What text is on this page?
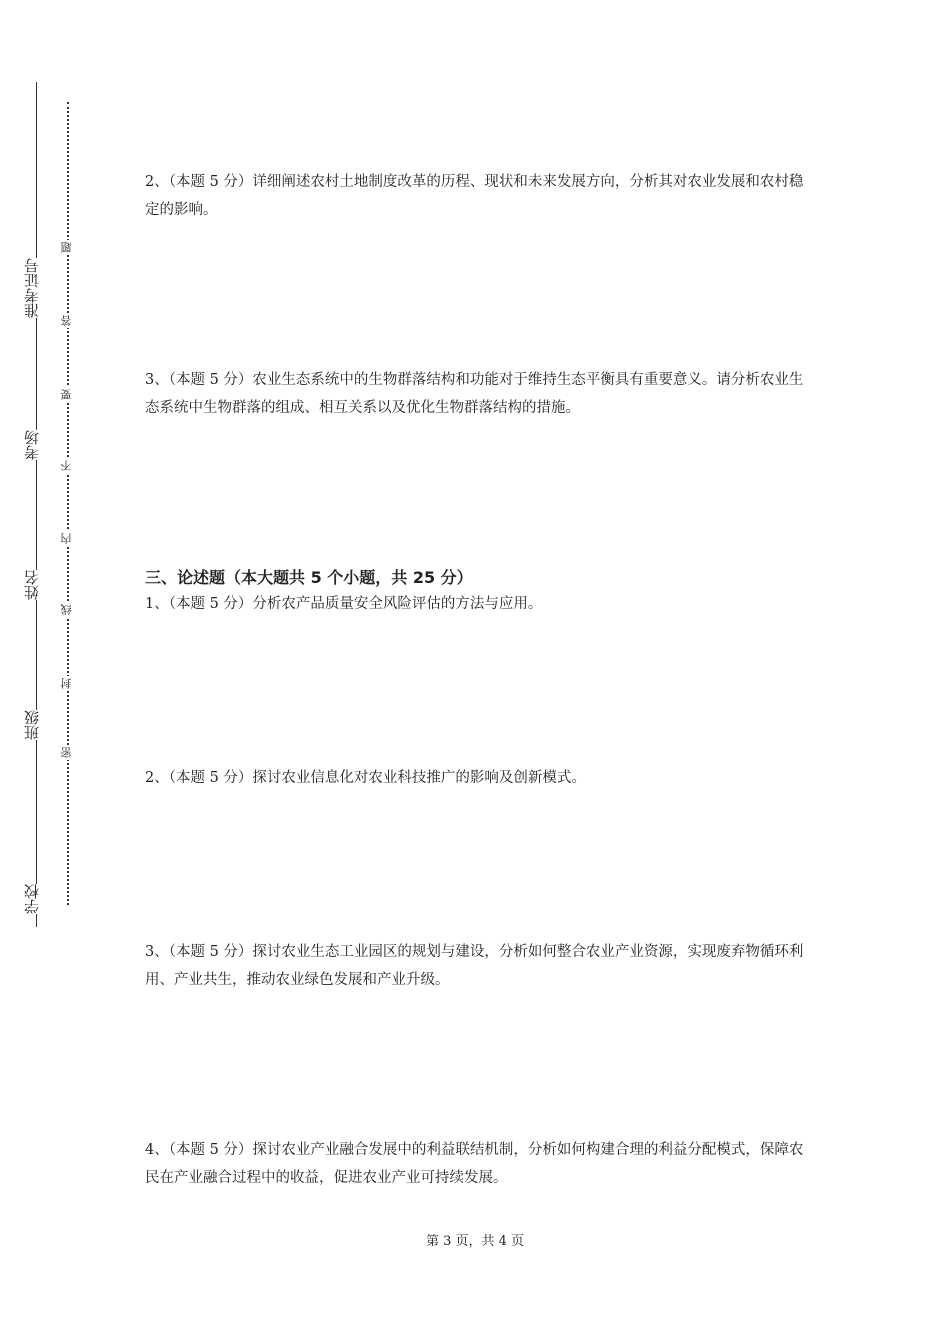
学校
班级
姓名
考场
准考证号
密
封
线
内
不
要
答
题

2、（本题 5 分）详细阐述农村土地制度改革的历程、现状和未来发展方向，分析其对农业发展和农村稳定的影响。

3、（本题 5 分）农业生态系统中的生物群落结构和功能对于维持生态平衡具有重要意义。请分析农业生态系统中生物群落的组成、相互关系以及优化生物群落结构的措施。

三、论述题（本大题共 5 个小题，共 25 分）

1、（本题 5 分）分析农产品质量安全风险评估的方法与应用。

2、（本题 5 分）探讨农业信息化对农业科技推广的影响及创新模式。

3、（本题 5 分）探讨农业生态工业园区的规划与建设，分析如何整合农业产业资源，实现废弃物循环利用、产业共生，推动农业绿色发展和产业升级。

4、（本题 5 分）探讨农业产业融合发展中的利益联结机制，分析如何构建合理的利益分配模式，保障农民在产业融合过程中的收益，促进农业产业可持续发展。

第 3 页，共 4 页
